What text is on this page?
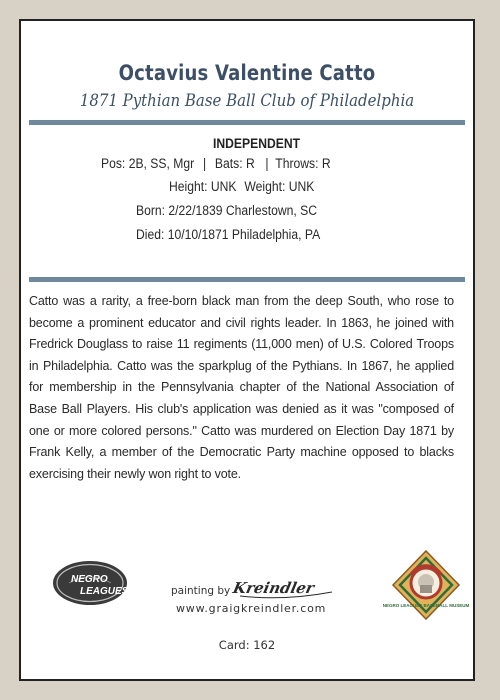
Octavius Valentine Catto
1871 Pythian Base Ball Club of Philadelphia
INDEPENDENT
Pos: 2B, SS, Mgr | Bats: R | Throws: R
Height: UNK Weight: UNK
Born: 2/22/1839 Charlestown, SC
Died: 10/10/1871 Philadelphia, PA
Catto was a rarity, a free-born black man from the deep South, who rose to become a prominent educator and civil rights leader. In 1863, he joined with Fredrick Douglass to raise 11 regiments (11,000 men) of U.S. Colored Troops in Philadelphia. Catto was the sparkplug of the Pythians. In 1867, he applied for membership in the Pennsylvania chapter of the National Association of Base Ball Players. His club's application was denied as it was "composed of one or more colored persons." Catto was murdered on Election Day 1871 by Frank Kelly, a member of the Democratic Party machine opposed to blacks exercising their newly won right to vote.
NEGRO
LEAGUES	painting by Kreindler
www.graigkreindler.com
Card: 162
NEGRO LEAGUES BASEBALL MUSEUM
